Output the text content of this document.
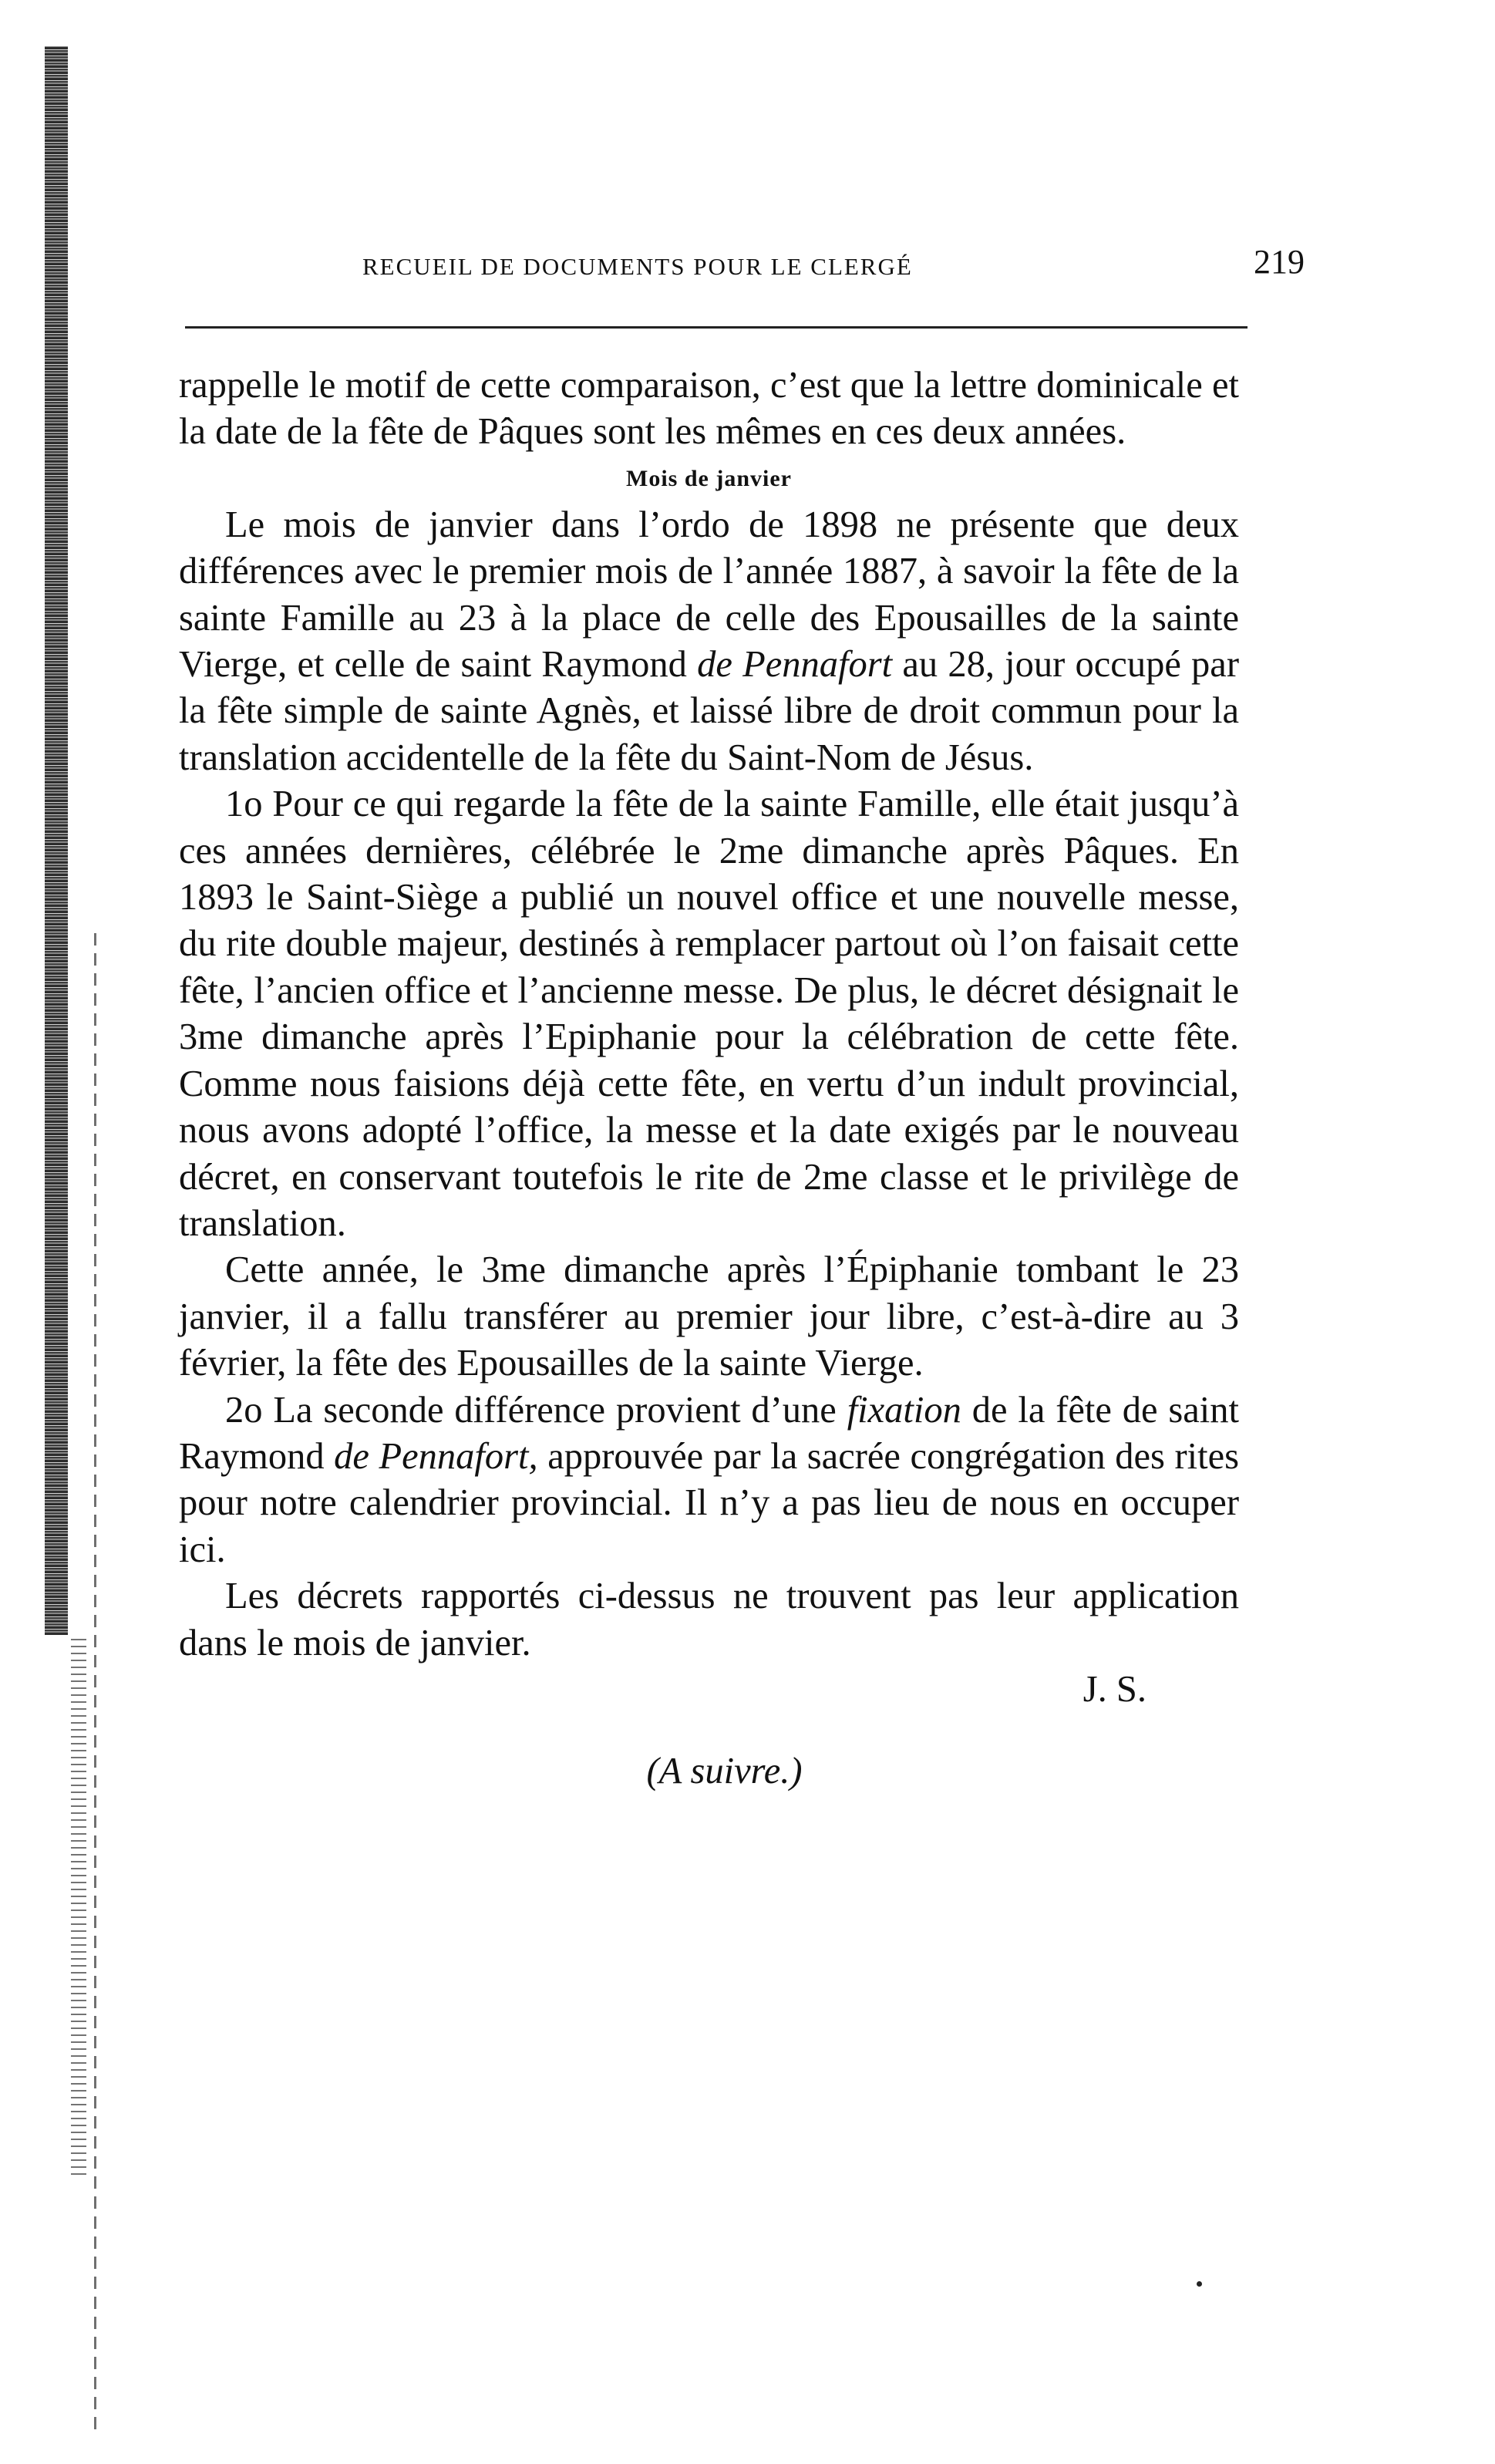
RECUEIL DE DOCUMENTS POUR LE CLERGÉ	219

rappelle le motif de cette comparaison, c’est que la lettre dominicale et la date de la fête de Pâques sont les mêmes en ces deux années.

Mois de janvier

Le mois de janvier dans l’ordo de 1898 ne présente que deux différences avec le premier mois de l’année 1887, à savoir la fête de la sainte Famille au 23 à la place de celle des Epousailles de la sainte Vierge, et celle de saint Raymond de Pennafort au 28, jour occupé par la fête simple de sainte Agnès, et laissé libre de droit commun pour la translation accidentelle de la fête du Saint-Nom de Jésus.

1o Pour ce qui regarde la fête de la sainte Famille, elle était jusqu’à ces années dernières, célébrée le 2me dimanche après Pâques. En 1893 le Saint-Siège a publié un nouvel office et une nouvelle messe, du rite double majeur, destinés à remplacer partout où l’on faisait cette fête, l’ancien office et l’ancienne messe. De plus, le décret désignait le 3me dimanche après l’Epiphanie pour la célébration de cette fête. Comme nous faisions déjà cette fête, en vertu d’un indult provincial, nous avons adopté l’office, la messe et la date exigés par le nouveau décret, en conservant toutefois le rite de 2me classe et le privilège de translation.

Cette année, le 3me dimanche après l’Épiphanie tombant le 23 janvier, il a fallu transférer au premier jour libre, c’est-à-dire au 3 février, la fête des Epousailles de la sainte Vierge.

2o La seconde différence provient d’une fixation de la fête de saint Raymond de Pennafort, approuvée par la sacrée congrégation des rites pour notre calendrier provincial. Il n’y a pas lieu de nous en occuper ici.

Les décrets rapportés ci-dessus ne trouvent pas leur application dans le mois de janvier.

J. S.

(A suivre.)
